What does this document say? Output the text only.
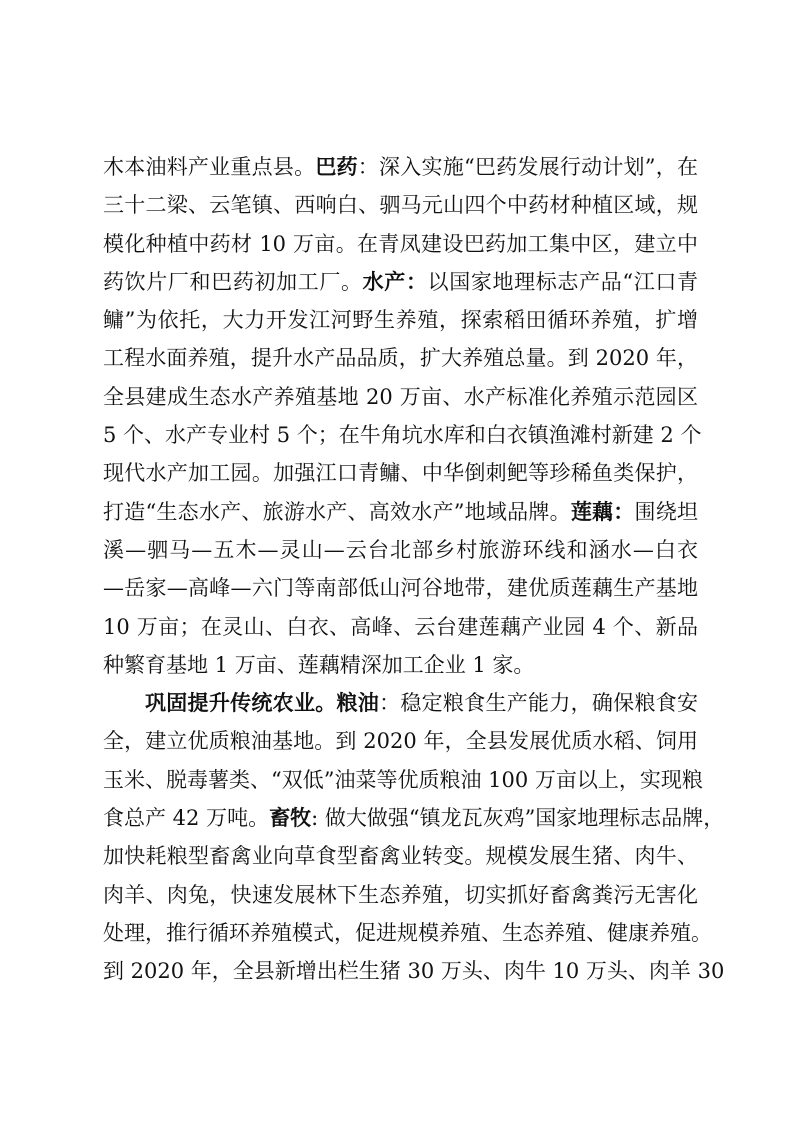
木本油料产业重点县。巴药：深入实施“巴药发展行动计划”，在
三十二梁、云笔镇、西响白、驷马元山四个中药材种植区域，规
模化种植中药材 10 万亩。在青凤建设巴药加工集中区，建立中
药饮片厂和巴药初加工厂。水产：以国家地理标志产品“江口青
鳙”为依托，大力开发江河野生养殖，探索稻田循环养殖，扩增
工程水面养殖，提升水产品品质，扩大养殖总量。到 2020 年，
全县建成生态水产养殖基地 20 万亩、水产标准化养殖示范园区
5 个、水产专业村 5 个；在牛角坑水库和白衣镇渔滩村新建 2 个
现代水产加工园。加强江口青鳙、中华倒刺鲃等珍稀鱼类保护，
打造“生态水产、旅游水产、高效水产”地域品牌。莲藕：围绕坦
溪—驷马—五木—灵山—云台北部乡村旅游环线和涵水—白衣
—岳家—高峰—六门等南部低山河谷地带，建优质莲藕生产基地
10 万亩；在灵山、白衣、高峰、云台建莲藕产业园 4 个、新品
种繁育基地 1 万亩、莲藕精深加工企业 1 家。
巩固提升传统农业。粮油：稳定粮食生产能力，确保粮食安
全，建立优质粮油基地。到 2020 年，全县发展优质水稻、饲用
玉米、脱毒薯类、“双低”油菜等优质粮油 100 万亩以上，实现粮
食总产 42 万吨。畜牧: 做大做强“镇龙瓦灰鸡”国家地理标志品牌，
加快耗粮型畜禽业向草食型畜禽业转变。规模发展生猪、肉牛、
肉羊、肉兔，快速发展林下生态养殖，切实抓好畜禽粪污无害化
处理，推行循环养殖模式，促进规模养殖、生态养殖、健康养殖。
到 2020 年，全县新增出栏生猪 30 万头、肉牛 10 万头、肉羊 30
